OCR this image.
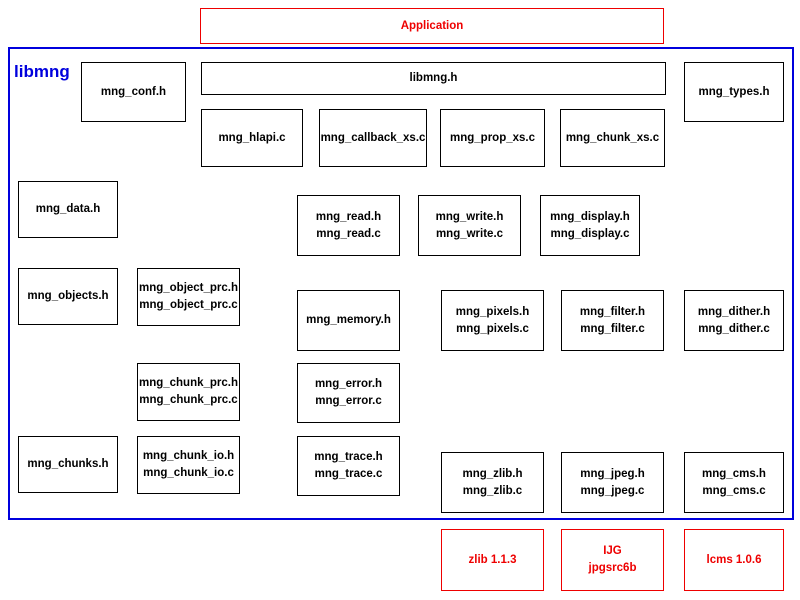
libmng
Application
mng_conf.h
libmng.h
mng_types.h
mng_hlapi.c	mng_callback_xs.c mng_prop_xs.c	mng_chunk_xs.c
mng_data.h
mng_read.h
mng_read.c
mng_write.h
mng_write.c
mng_display.h
mng_display.c
mng_objects.h
mng_object_prc.h
mng_object_prc.c
mng_memory.h
mng_pixels.h
mng_pixels.c
mng_filter.h
mng_filter.c
mng_dither.h
mng_dither.c
mng_chunk_prc.h
mng_chunk_prc.c
mng_error.h
mng_error.c
mng_chunks.h
mng_chunk_io.h
mng_chunk_io.c
mng_trace.h
mng_trace.c	mng_zlib.h
mng_zlib.c
mng_jpeg.h
mng_jpeg.c
mng_cms.h
mng_cms.c
zlib 1.1.3
IJG
jpgsrc6b
lcms 1.0.6
